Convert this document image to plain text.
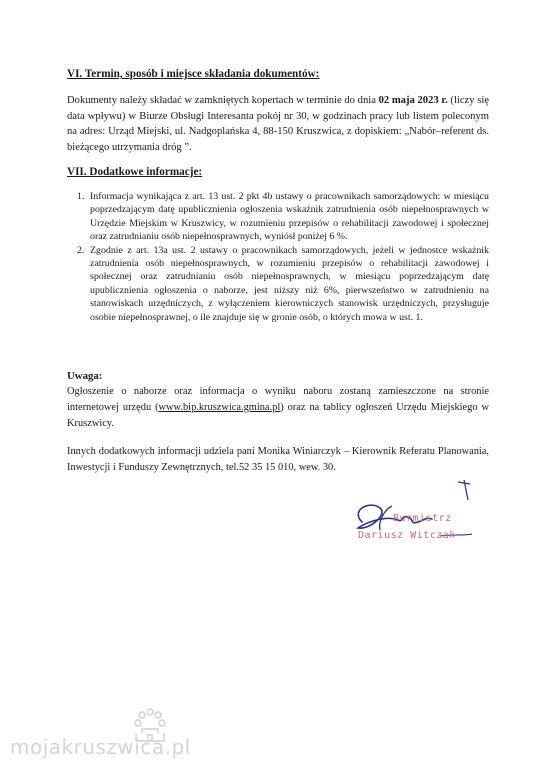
VI. Termin, sposób i miejsce składania dokumentów:
Dokumenty należy składać w zamkniętych kopertach w terminie do dnia 02 maja 2023 r. (liczy się data wpływu) w Biurze Obsługi Interesanta pokój nr 30, w godzinach pracy lub listem poleconym na adres: Urząd Miejski, ul. Nadgoplańska 4, 88-150 Kruszwica, z dopiskiem: „Nabór–referent ds. bieżącego utrzymania dróg ”.
VII. Dodatkowe informacje:
1. Informacja wynikająca z art. 13 ust. 2 pkt 4b ustawy o pracownikach samorządowych: w miesiącu poprzedzającym datę upublicznienia ogłoszenia wskaźnik zatrudnienia osób niepełnosprawnych w Urzędzie Miejskim w Kruszwicy, w rozumieniu przepisów o rehabilitacji zawodowej i społecznej oraz zatrudnianiu osób niepełnosprawnych, wyniósł poniżej 6 %.
2. Zgodnie z art. 13a ust. 2 ustawy o pracownikach samorządowych, jeżeli w jednostce wskaźnik zatrudnienia osób niepełnosprawnych, w rozumieniu przepisów o rehabilitacji zawodowej i społecznej oraz zatrudnianiu osób niepełnosprawnych, w miesiącu poprzedzającym datę upublicznienia ogłoszenia o naborze, jest niższy niż 6%, pierwszeństwo w zatrudnieniu na stanowiskach urzędniczych, z wyłączeniem kierowniczych stanowisk urzędniczych, przysługuje osobie niepełnosprawnej, o ile znajduje się w gronie osób, o których mowa w ust. 1.
Uwaga:
Ogłoszenie o naborze oraz informacja o wyniku naboru zostaną zamieszczone na stronie internetowej urzędu (www.bip.kruszwica.gmina.pl) oraz na tablicy ogłoszeń Urzędu Miejskiego w Kruszwicy.
Innych dodatkowych informacji udziela pani Monika Winiarczyk – Kierownik Referatu Planowania, Inwestycji i Funduszy Zewnętrznych, tel.52 35 15 010, wew. 30.
Burmistrz
Dariusz Witczak
mojakruszwica.pl
